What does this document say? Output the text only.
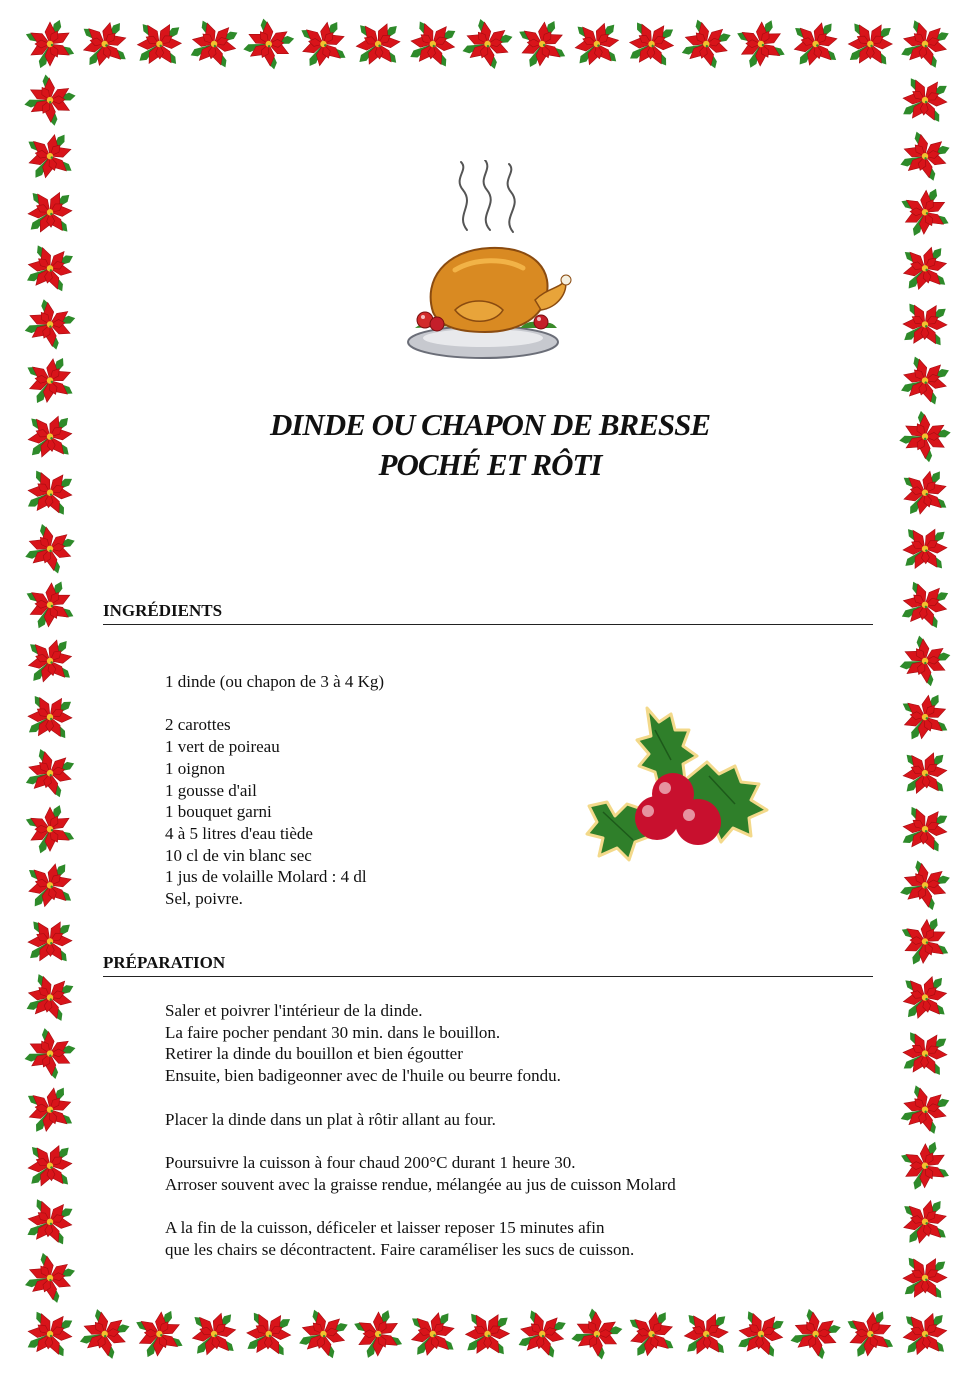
DINDE OU CHAPON DE BRESSE
POCHÉ ET RÔTI
INGRÉDIENTS
1 dinde (ou chapon de 3 à 4 Kg)
2 carottes
1 vert de poireau
1 oignon
1 gousse d'ail
1 bouquet garni
4 à 5 litres d'eau tiède
10 cl de vin blanc sec
1 jus de volaille Molard : 4 dl
Sel, poivre.
PRÉPARATION
Saler et poivrer l'intérieur de la dinde.
La faire pocher pendant 30 min. dans le bouillon.
Retirer la dinde du bouillon et bien égoutter
Ensuite, bien badigeonner avec de l'huile ou beurre fondu.
Placer la dinde dans un plat à rôtir allant au four.
Poursuivre la cuisson à four chaud 200°C durant 1 heure 30.
Arroser souvent avec la graisse rendue, mélangée au jus de cuisson Molard
A la fin de la cuisson, déficeler et laisser reposer 15 minutes afin
que les chairs se décontractent. Faire caraméliser les sucs de cuisson.
